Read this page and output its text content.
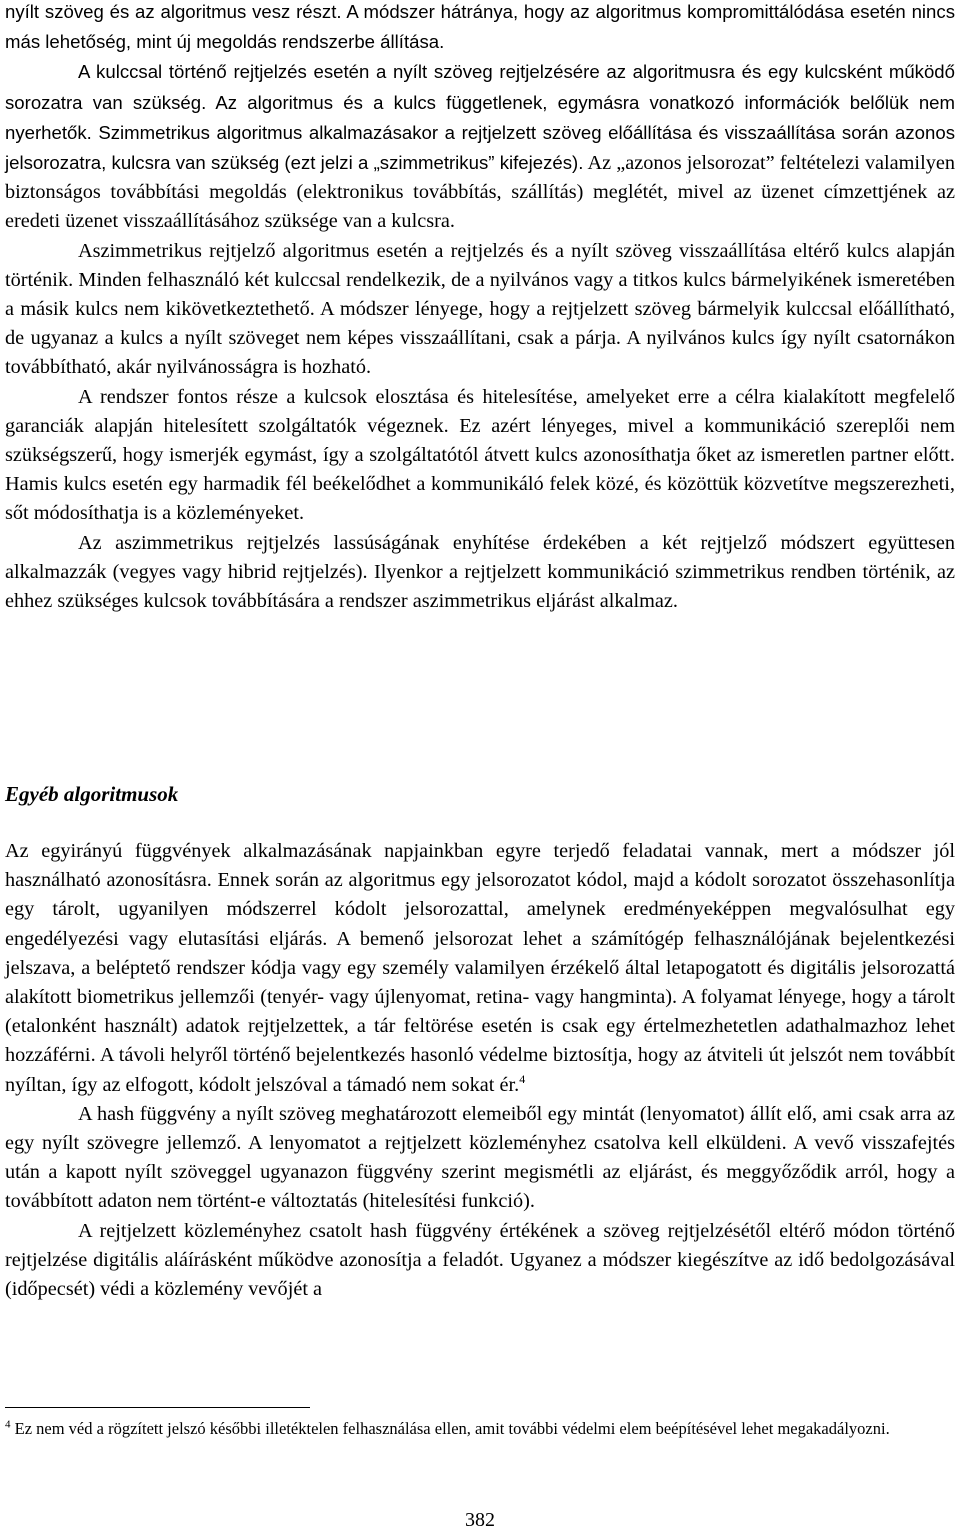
nyílt szöveg és az algoritmus vesz részt. A módszer hátránya, hogy az algoritmus kompromittálódása esetén nincs más lehetőség, mint új megoldás rendszerbe állítása.

A kulccsal történő rejtjelzés esetén a nyílt szöveg rejtjelzésére az algoritmusra és egy kulcsként működő sorozatra van szükség. Az algoritmus és a kulcs függetlenek, egymásra vonatkozó információk belőlük nem nyerhetők. Szimmetrikus algoritmus alkalmazásakor a rejtjelzett szöveg előállítása és visszaállítása során azonos jelsorozatra, kulcsra van szükség (ezt jelzi a „szimmetrikus” kifejezés). Az „azonos jelsorozat” feltételezi valamilyen biztonságos továbbítási megoldás (elektronikus továbbítás, szállítás) meglétét, mivel az üzenet címzettjének az eredeti üzenet visszaállításához szüksége van a kulcsra.

Aszimmetrikus rejtjelző algoritmus esetén a rejtjelzés és a nyílt szöveg visszaállítása eltérő kulcs alapján történik. Minden felhasználó két kulccsal rendelkezik, de a nyilvános vagy a titkos kulcs bármelyikének ismeretében a másik kulcs nem kikövetkeztethető. A módszer lényege, hogy a rejtjelzett szöveg bármelyik kulccsal előállítható, de ugyanaz a kulcs a nyílt szöveget nem képes visszaállítani, csak a párja. A nyilvános kulcs így nyílt csatornákon továbbítható, akár nyilvánosságra is hozható.

A rendszer fontos része a kulcsok elosztása és hitelesítése, amelyeket erre a célra kialakított megfelelő garanciák alapján hitelesített szolgáltatók végeznek. Ez azért lényeges, mivel a kommunikáció szereplői nem szükségszerű, hogy ismerjék egymást, így a szolgáltatótól átvett kulcs azonosíthatja őket az ismeretlen partner előtt. Hamis kulcs esetén egy harmadik fél beékelődhet a kommunikáló felek közé, és közöttük közvetítve megszerezheti, sőt módosíthatja is a közleményeket.

Az aszimmetrikus rejtjelzés lassúságának enyhítése érdekében a két rejtjelző módszert együttesen alkalmazzák (vegyes vagy hibrid rejtjelzés). Ilyenkor a rejtjelzett kommunikáció szimmetrikus rendben történik, az ehhez szükséges kulcsok továbbítására a rendszer aszimmetrikus eljárást alkalmaz.

Egyéb algoritmusok

Az egyirányú függvények alkalmazásának napjainkban egyre terjedő feladatai vannak, mert a módszer jól használható azonosításra. Ennek során az algoritmus egy jelsorozatot kódol, majd a kódolt sorozatot összehasonlítja egy tárolt, ugyanilyen módszerrel kódolt jelsorozattal, amelynek eredményeképpen megvalósulhat egy engedélyezési vagy elutasítási eljárás. A bemenő jelsorozat lehet a számítógép felhasználójának bejelentkezési jelszava, a beléptető rendszer kódja vagy egy személy valamilyen érzékelő által letapogatott és digitális jelsorozattá alakított biometrikus jellemzői (tenyér- vagy újlenyomat, retina- vagy hangminta). A folyamat lényege, hogy a tárolt (etalonként használt) adatok rejtjelzettek, a tár feltörése esetén is csak egy értelmezhetetlen adathalmazhoz lehet hozzáférni. A távoli helyről történő bejelentkezés hasonló védelme biztosítja, hogy az átviteli út jelszót nem továbbít nyíltan, így az elfogott, kódolt jelszóval a támadó nem sokat ér.$^4$

A hash függvény a nyílt szöveg meghatározott elemeiből egy mintát (lenyomatot) állít elő, ami csak arra az egy nyílt szövegre jellemző. A lenyomatot a rejtjelzett közleményhez csatolva kell elküldeni. A vevő visszafejtés után a kapott nyílt szöveggel ugyanazon függvény szerint megismétli az eljárást, és meggyőződik arról, hogy a továbbított adaton nem történt-e változtatás (hitelesítési funkció).

A rejtjelzett közleményhez csatolt hash függvény értékének a szöveg rejtjelzésétől eltérő módon történő rejtjelzése digitális aláírásként működve azonosítja a feladót. Ugyanez a módszer kiegészítve az idő bedolgozásával (időpecsét) védi a közlemény vevőjét a

$^4$ Ez nem véd a rögzített jelszó későbbi illetéktelen felhasználása ellen, amit további védelmi elem beépítésével lehet megakadályozni.

382
